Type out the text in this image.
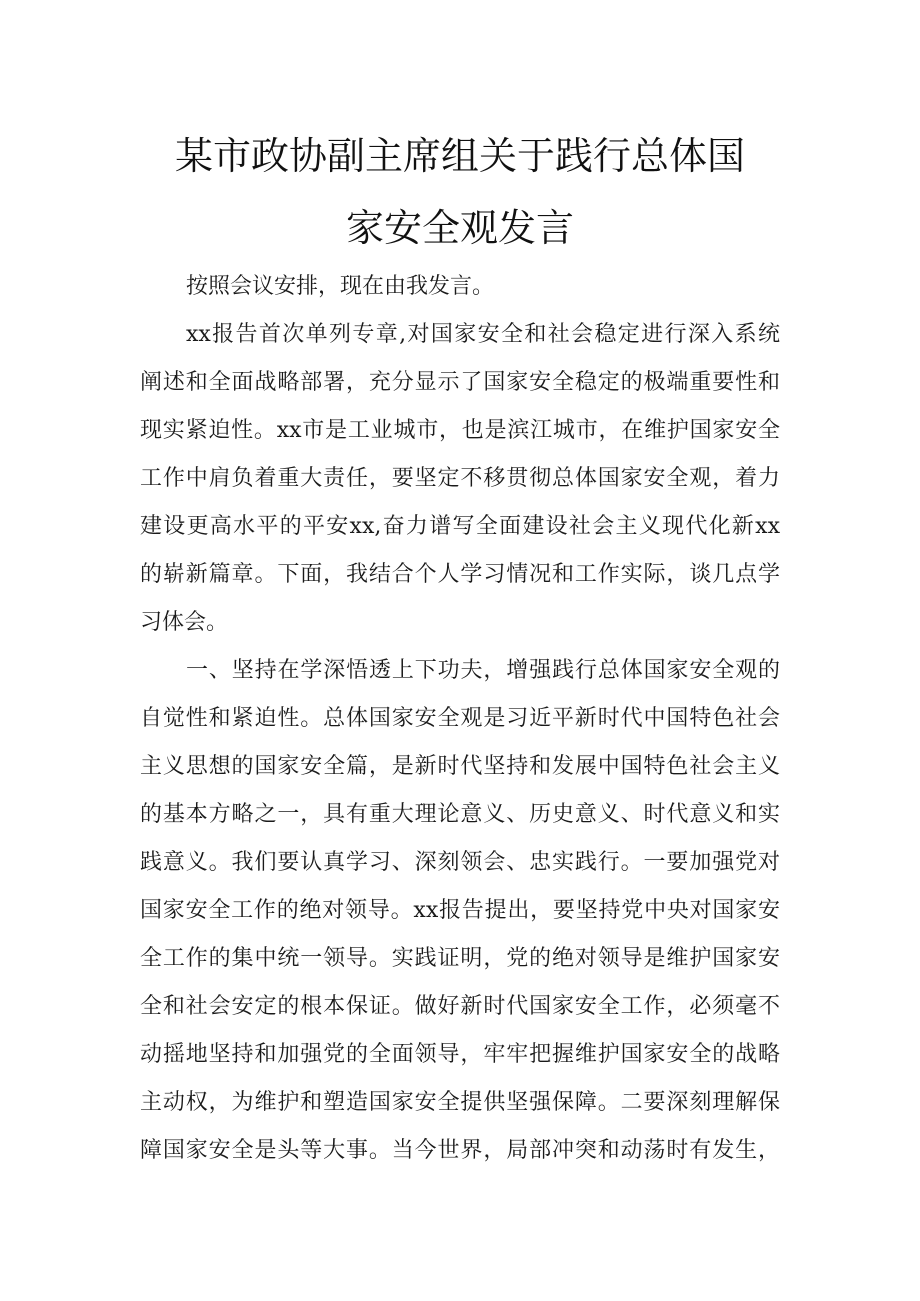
某市政协副主席组关于践行总体国
家安全观发言
按照会议安排，现在由我发言。
xx报告首次单列专章,对国家安全和社会稳定进行深入系统
阐述和全面战略部署，充分显示了国家安全稳定的极端重要性和
现实紧迫性。xx市是工业城市，也是滨江城市，在维护国家安全
工作中肩负着重大责任，要坚定不移贯彻总体国家安全观，着力
建设更高水平的平安xx,奋力谱写全面建设社会主义现代化新xx
的崭新篇章。下面，我结合个人学习情况和工作实际，谈几点学
习体会。
一、坚持在学深悟透上下功夫，增强践行总体国家安全观的
自觉性和紧迫性。总体国家安全观是习近平新时代中国特色社会
主义思想的国家安全篇，是新时代坚持和发展中国特色社会主义
的基本方略之一，具有重大理论意义、历史意义、时代意义和实
践意义。我们要认真学习、深刻领会、忠实践行。一要加强党对
国家安全工作的绝对领导。xx报告提出，要坚持党中央对国家安
全工作的集中统一领导。实践证明，党的绝对领导是维护国家安
全和社会安定的根本保证。做好新时代国家安全工作，必须毫不
动摇地坚持和加强党的全面领导，牢牢把握维护国家安全的战略
主动权，为维护和塑造国家安全提供坚强保障。二要深刻理解保
障国家安全是头等大事。当今世界，局部冲突和动荡时有发生，
